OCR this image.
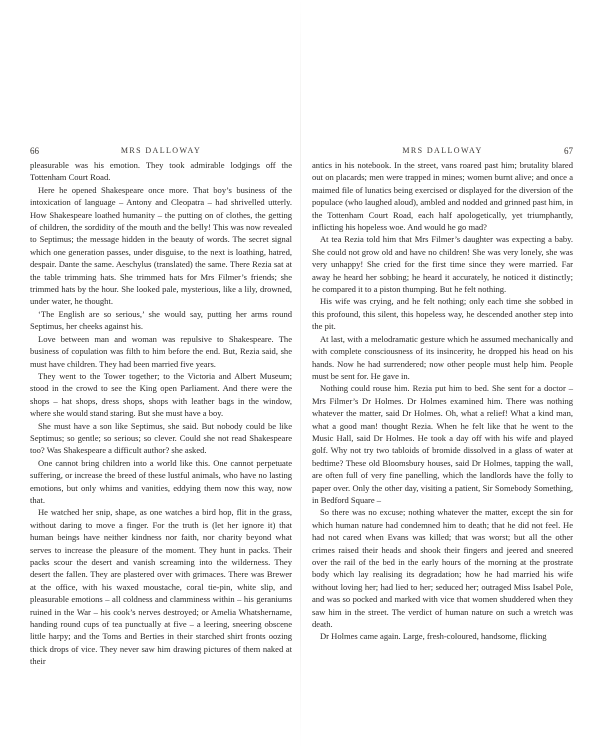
66	MRS DALLOWAY

pleasurable was his emotion. They took admirable lodgings off the Tottenham Court Road.

Here he opened Shakespeare once more. That boy’s business of the intoxication of language – Antony and Cleopatra – had shrivelled utterly. How Shakespeare loathed humanity – the putting on of clothes, the getting of children, the sordidity of the mouth and the belly! This was now revealed to Septimus; the message hidden in the beauty of words. The secret signal which one generation passes, under disguise, to the next is loathing, hatred, despair. Dante the same. Aeschylus (translated) the same. There Rezia sat at the table trimming hats. She trimmed hats for Mrs Filmer’s friends; she trimmed hats by the hour. She looked pale, mysterious, like a lily, drowned, under water, he thought.

‘The English are so serious,’ she would say, putting her arms round Septimus, her cheeks against his.

Love between man and woman was repulsive to Shakespeare. The business of copulation was filth to him before the end. But, Rezia said, she must have children. They had been married five years.

They went to the Tower together; to the Victoria and Albert Museum; stood in the crowd to see the King open Parliament. And there were the shops – hat shops, dress shops, shops with leather bags in the window, where she would stand staring. But she must have a boy.

She must have a son like Septimus, she said. But nobody could be like Septimus; so gentle; so serious; so clever. Could she not read Shakespeare too? Was Shakespeare a difficult author? she asked.

One cannot bring children into a world like this. One cannot perpetuate suffering, or increase the breed of these lustful animals, who have no lasting emotions, but only whims and vanities, eddying them now this way, now that.

He watched her snip, shape, as one watches a bird hop, flit in the grass, without daring to move a finger. For the truth is (let her ignore it) that human beings have neither kindness nor faith, nor charity beyond what serves to increase the pleasure of the moment. They hunt in packs. Their packs scour the desert and vanish screaming into the wilderness. They desert the fallen. They are plastered over with grimaces. There was Brewer at the office, with his waxed moustache, coral tie-pin, white slip, and pleasurable emotions – all coldness and clamminess within – his geraniums ruined in the War – his cook’s nerves destroyed; or Amelia Whatshername, handing round cups of tea punctually at five – a leering, sneering obscene little harpy; and the Toms and Berties in their starched shirt fronts oozing thick drops of vice. They never saw him drawing pictures of them naked at their

MRS DALLOWAY	67

antics in his notebook. In the street, vans roared past him; brutality blared out on placards; men were trapped in mines; women burnt alive; and once a maimed file of lunatics being exercised or displayed for the diversion of the populace (who laughed aloud), ambled and nodded and grinned past him, in the Tottenham Court Road, each half apologetically, yet triumphantly, inflicting his hopeless woe. And would he go mad?

At tea Rezia told him that Mrs Filmer’s daughter was expecting a baby. She could not grow old and have no children! She was very lonely, she was very unhappy! She cried for the first time since they were married. Far away he heard her sobbing; he heard it accurately, he noticed it distinctly; he compared it to a piston thumping. But he felt nothing.

His wife was crying, and he felt nothing; only each time she sobbed in this profound, this silent, this hopeless way, he descended another step into the pit.

At last, with a melodramatic gesture which he assumed mechanically and with complete consciousness of its insincerity, he dropped his head on his hands. Now he had surrendered; now other people must help him. People must be sent for. He gave in.

Nothing could rouse him. Rezia put him to bed. She sent for a doctor – Mrs Filmer’s Dr Holmes. Dr Holmes examined him. There was nothing whatever the matter, said Dr Holmes. Oh, what a relief! What a kind man, what a good man! thought Rezia. When he felt like that he went to the Music Hall, said Dr Holmes. He took a day off with his wife and played golf. Why not try two tabloids of bromide dissolved in a glass of water at bedtime? These old Bloomsbury houses, said Dr Holmes, tapping the wall, are often full of very fine panelling, which the landlords have the folly to paper over. Only the other day, visiting a patient, Sir Somebody Something, in Bedford Square –

So there was no excuse; nothing whatever the matter, except the sin for which human nature had condemned him to death; that he did not feel. He had not cared when Evans was killed; that was worst; but all the other crimes raised their heads and shook their fingers and jeered and sneered over the rail of the bed in the early hours of the morning at the prostrate body which lay realising its degradation; how he had married his wife without loving her; had lied to her; seduced her; outraged Miss Isabel Pole, and was so pocked and marked with vice that women shuddered when they saw him in the street. The verdict of human nature on such a wretch was death.

Dr Holmes came again. Large, fresh-coloured, handsome, flicking
